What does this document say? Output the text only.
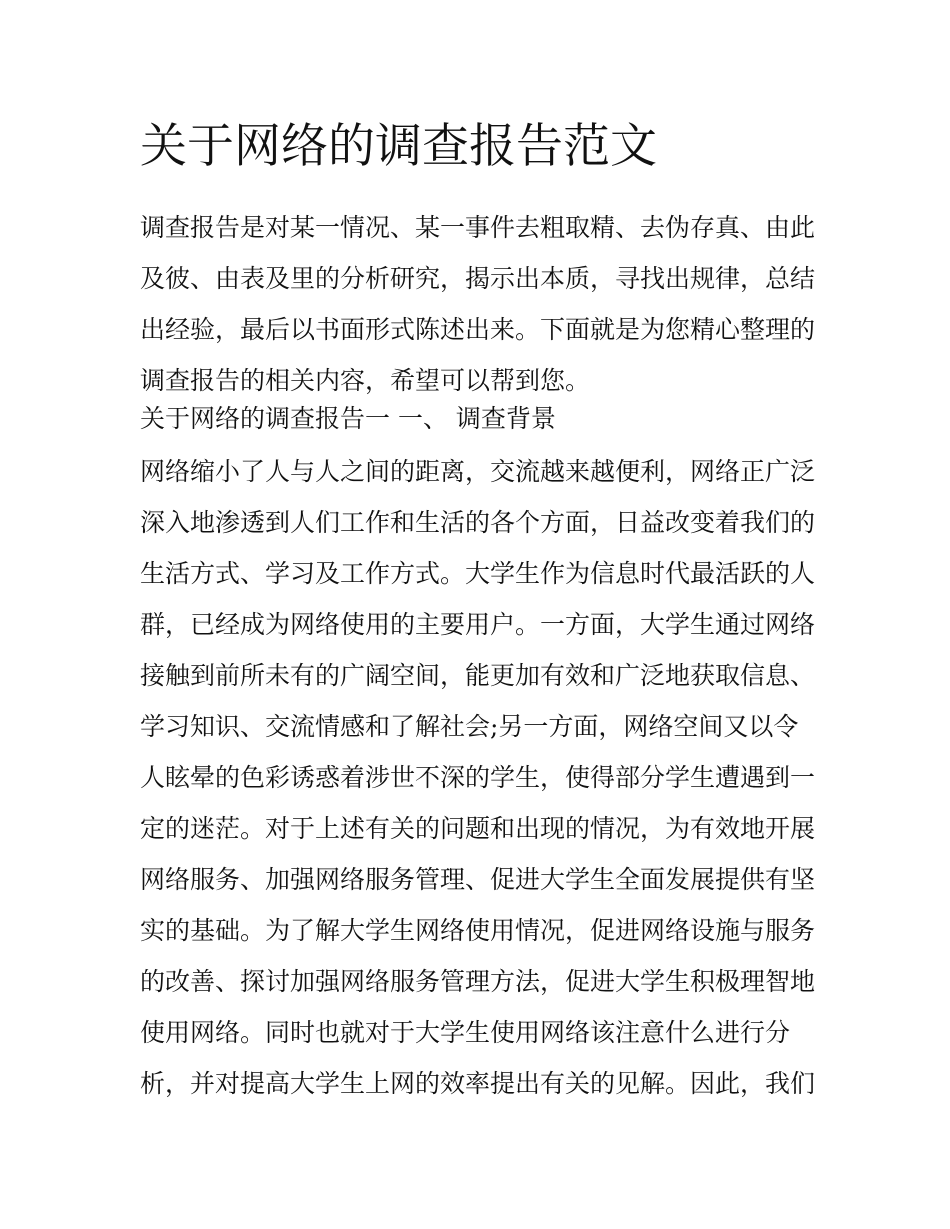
关于网络的调查报告范文
调查报告是对某一情况、某一事件去粗取精、去伪存真、由此
及彼、由表及里的分析研究，揭示出本质，寻找出规律，总结
出经验，最后以书面形式陈述出来。下面就是为您精心整理的
调查报告的相关内容，希望可以帮到您。
关于网络的调查报告一 一、 调查背景
网络缩小了人与人之间的距离，交流越来越便利，网络正广泛
深入地渗透到人们工作和生活的各个方面，日益改变着我们的
生活方式、学习及工作方式。大学生作为信息时代最活跃的人
群，已经成为网络使用的主要用户。一方面，大学生通过网络
接触到前所未有的广阔空间，能更加有效和广泛地获取信息、
学习知识、交流情感和了解社会;另一方面，网络空间又以令
人眩晕的色彩诱惑着涉世不深的学生，使得部分学生遭遇到一
定的迷茫。对于上述有关的问题和出现的情况，为有效地开展
网络服务、加强网络服务管理、促进大学生全面发展提供有坚
实的基础。为了解大学生网络使用情况，促进网络设施与服务
的改善、探讨加强网络服务管理方法，促进大学生积极理智地
使用网络。同时也就对于大学生使用网络该注意什么进行分
析，并对提高大学生上网的效率提出有关的见解。因此，我们
